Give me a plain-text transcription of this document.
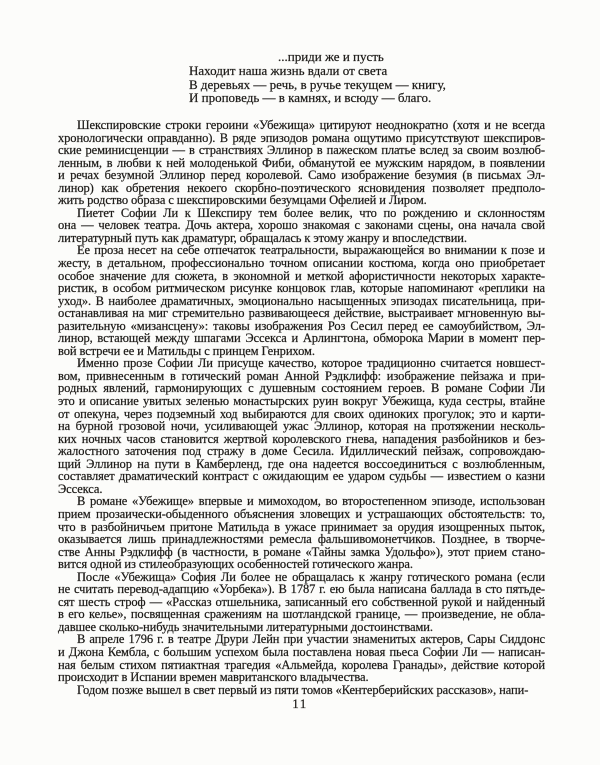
...приди же и пусть
Находит наша жизнь вдали от света
В деревьях — речь, в ручье текущем — книгу,
И проповедь — в камнях, и всюду — благо.

Шекспировские строки героини «Убежища» цитируют неоднократно (хотя и не всегда
хронологически оправданно). В ряде эпизодов романа ощутимо присутствуют шекспиров-
ские реминисценции — в странствиях Эллинор в пажеском платье вслед за своим возлюб-
ленным, в любви к ней молоденькой Фиби, обманутой ее мужским нарядом, в появлении
и речах безумной Эллинор перед королевой. Само изображение безумия (в письмах Эл-
линор) как обретения некоего скорбно-поэтического ясновидения позволяет предполо-
жить родство образа с шекспировскими безумцами Офелией и Лиром.

Пиетет Софии Ли к Шекспиру тем более велик, что по рождению и склонностям
она — человек театра. Дочь актера, хорошо знакомая с законами сцены, она начала свой
литературный путь как драматург, обращалась к этому жанру и впоследствии.

Ее проза несет на себе отпечаток театральности, выражающейся во внимании к позе и
жесту, в детальном, профессионально точном описании костюма, когда оно приобретает
особое значение для сюжета, в экономной и меткой афористичности некоторых характе-
ристик, в особом ритмическом рисунке концовок глав, которые напоминают «реплики на
уход». В наиболее драматичных, эмоционально насыщенных эпизодах писательница, при-
останавливая на миг стремительно развивающееся действие, выстраивает мгновенную вы-
разительную «мизансцену»: таковы изображения Роз Сесил перед ее самоубийством, Эл-
линор, встающей между шпагами Эссекса и Арлингтона, обморока Марии в момент пер-
вой встречи ее и Матильды с принцем Генрихом.

Именно прозе Софии Ли присуще качество, которое традиционно считается новшест-
вом, привнесенным в готический роман Анной Рэдклифф: изображение пейзажа и при-
родных явлений, гармонирующих с душевным состоянием героев. В романе Софии Ли
это и описание увитых зеленью монастырских руин вокруг Убежища, куда сестры, втайне
от опекуна, через подземный ход выбираются для своих одиноких прогулок; это и карти-
на бурной грозовой ночи, усиливающей ужас Эллинор, которая на протяжении несколь-
ких ночных часов становится жертвой королевского гнева, нападения разбойников и без-
жалостного заточения под стражу в доме Сесила. Идиллический пейзаж, сопровождаю-
щий Эллинор на пути в Камберленд, где она надеется воссоединиться с возлюбленным,
составляет драматический контраст с ожидающим ее ударом судьбы — известием о казни
Эссекса.

В романе «Убежище» впервые и мимоходом, во второстепенном эпизоде, использован
прием прозаически-обыденного объяснения зловещих и устрашающих обстоятельств: то,
что в разбойничьем притоне Матильда в ужасе принимает за орудия изощренных пыток,
оказывается лишь принадлежностями ремесла фальшивомонетчиков. Позднее, в творче-
стве Анны Рэдклифф (в частности, в романе «Тайны замка Удольфо»), этот прием стано-
вится одной из стилеобразующих особенностей готического жанра.

После «Убежища» София Ли более не обращалась к жанру готического романа (если
не считать перевод-адапцию «Уорбека»). В 1787 г. ею была написана баллада в сто пятьде-
сят шесть строф — «Рассказ отшельника, записанный его собственной рукой и найденный
в его келье», посвященная сражениям на шотландской границе, — произведение, не обла-
давшее сколько-нибудь значительными литературными достоинствами.

В апреле 1796 г. в театре Друри Лейн при участии знаменитых актеров, Сары Сиддонс
и Джона Кембла, с большим успехом была поставлена новая пьеса Софии Ли — написан-
ная белым стихом пятиактная трагедия «Альмейда, королева Гранады», действие которой
происходит в Испании времен мавританского владычества.

Годом позже вышел в свет первый из пяти томов «Кентерберийских рассказов», напи-

11
